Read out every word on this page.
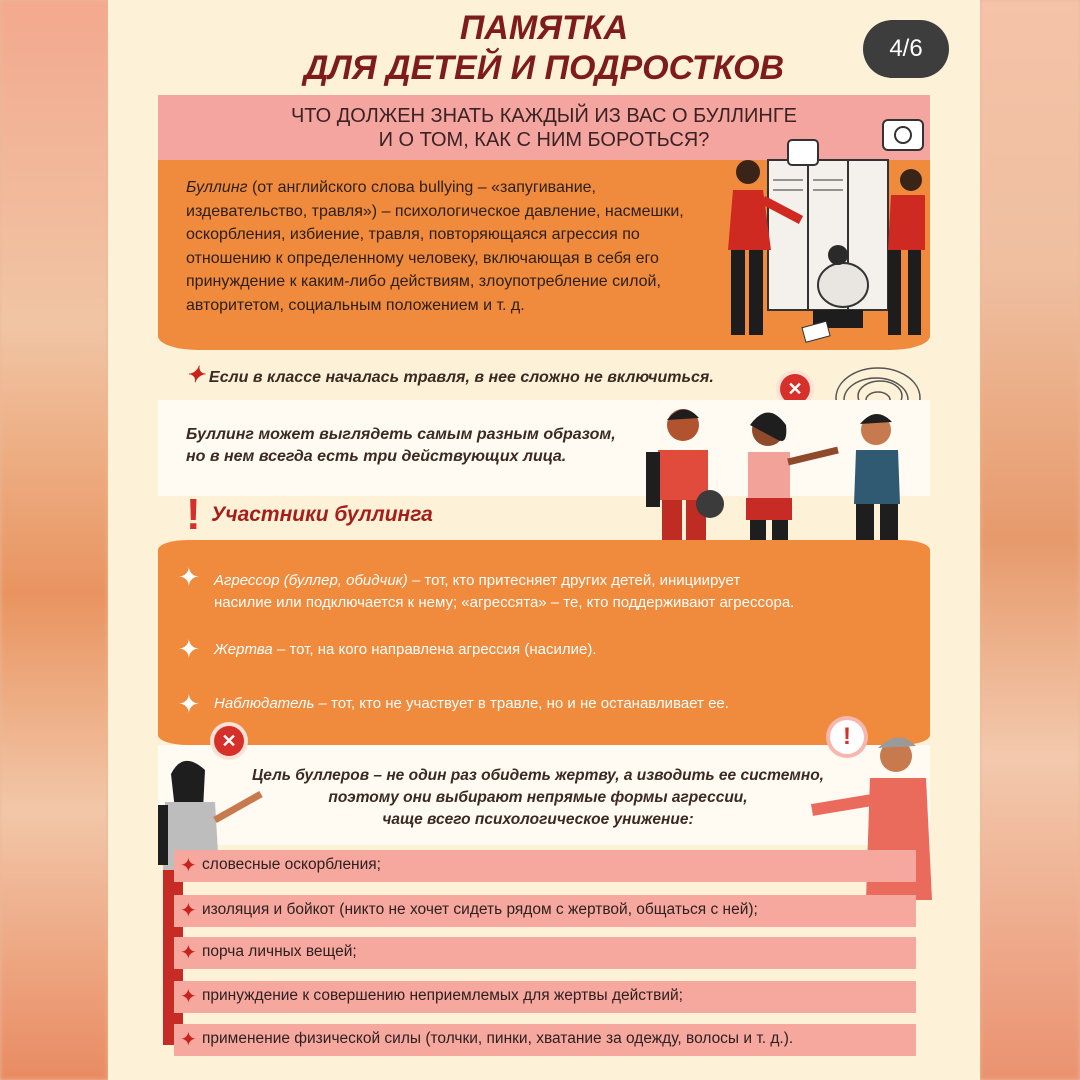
4/6
ПАМЯТКА
ДЛЯ ДЕТЕЙ И ПОДРОСТКОВ
ЧТО ДОЛЖЕН ЗНАТЬ КАЖДЫЙ ИЗ ВАС О БУЛЛИНГЕ
И О ТОМ, КАК С НИМ БОРОТЬСЯ?
Буллинг (от английского слова bullying – «запугивание, издевательство, травля») – психологическое давление, насмешки, оскорбления, избиение, травля, повторяющаяся агрессия по отношению к определенному человеку, включающая в себя его принуждение к каким-либо действиям, злоупотребление силой, авторитетом, социальным положением и т. д.
✦ Если в классе началась травля, в нее сложно не включиться.
✕
Буллинг может выглядеть самым разным образом,
но в нем всегда есть три действующих лица.
! Участники буллинга
✦ Агрессор (буллер, обидчик) – тот, кто притесняет других детей, инициирует
насилие или подключается к нему; «агрессята» – те, кто поддерживают агрессора.
✦ Жертва – тот, на кого направлена агрессия (насилие).
✦ Наблюдатель – тот, кто не участвует в травле, но и не останавливает ее.
✕	!
Цель буллеров – не один раз обидеть жертву, а изводить ее системно,
поэтому они выбирают непрямые формы агрессии,
чаще всего психологическое унижение:
✦ словесные оскорбления;
✦ изоляция и бойкот (никто не хочет сидеть рядом с жертвой, общаться с ней);
✦ порча личных вещей;
✦ принуждение к совершению неприемлемых для жертвы действий;
✦ применение физической силы (толчки, пинки, хватание за одежду, волосы и т. д.).
